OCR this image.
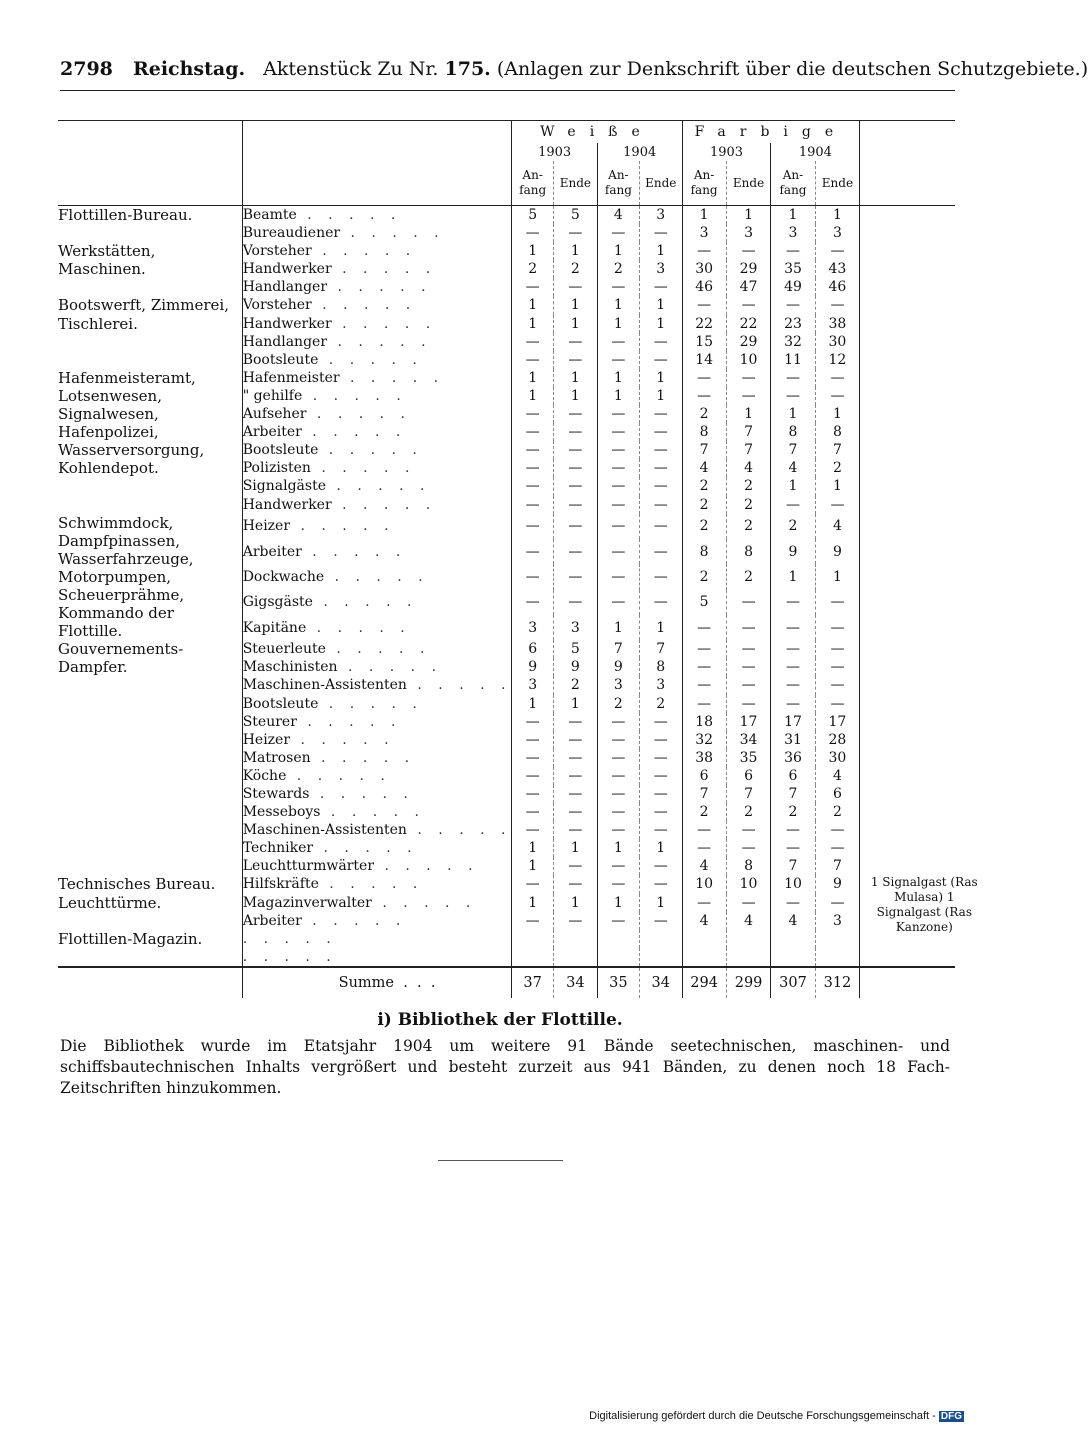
2798 Reichstag. Aktenstück Zu Nr. 175. (Anlagen zur Denkschrift über die deutschen Schutzgebiete.)
		Weiße				Farbige				
		1903		1904		1903		1904		
		An-fang	Ende	An-fang	Ende	An-fang	Ende	An-fang	Ende	
Flottillen-Bureau.	Beamte . . . . .	5	5	4	3	1	1	1	1	
	Bureaudiener . . . . .	—	—	—	—	3	3	3	3	
Werkstätten, Maschinen.	Vorsteher . . . . .	1	1	1	1	—	—	—	—	
	Handwerker . . . . .	2	2	2	3	30	29	35	43	
	Handlanger . . . . .	—	—	—	—	46	47	49	46	
Bootswerft, Zimmerei, Tischlerei.	Vorsteher . . . . .	1	1	1	1	—	—	—	—	
	Handwerker . . . . .	1	1	1	1	22	22	23	38	
	Handlanger . . . . .	—	—	—	—	15	29	32	30	
	Bootsleute . . . . .	—	—	—	—	14	10	11	12	
Hafenmeisteramt, Lotsenwesen, Signalwesen, Hafenpolizei, Wasserversorgung, Kohlendepot.	Hafenmeister . . . . .	1	1	1	1	—	—	—	—	
	" gehilfe . . . . .	1	1	1	1	—	—	—	—	
	Aufseher . . . . .	—	—	—	—	2	1	1	1	
	Arbeiter . . . . .	—	—	—	—	8	7	8	8	
	Bootsleute . . . . .	—	—	—	—	7	7	7	7	
	Polizisten . . . . .	—	—	—	—	4	4	4	2	
	Signalgäste . . . . .	—	—	—	—	2	2	1	1	
	Handwerker . . . . .	—	—	—	—	2	2	—	—	
Schwimmdock, Dampfpinassen, Wasserfahrzeuge, Motorpumpen, Scheuerprähme, Kommando der Flottille.	Heizer . . . . .	—	—	—	—	2	2	2	4	
	Arbeiter . . . . .	—	—	—	—	8	8	9	9	
	Dockwache . . . . .	—	—	—	—	2	2	1	1	
	Gigsgäste . . . . .	—	—	—	—	5	—	—	—	
	Kapitäne . . . . .	3	3	1	1	—	—	—	—	
Gouvernements-Dampfer.	Steuerleute . . . . .	6	5	7	7	—	—	—	—	
	Maschinisten . . . . .	9	9	9	8	—	—	—	—	
	Maschinen-Assistenten . . . . .	3	2	3	3	—	—	—	—	
	Bootsleute . . . . .	1	1	2	2	—	—	—	—	
	Steurer . . . . .	—	—	—	—	18	17	17	17	
	Heizer . . . . .	—	—	—	—	32	34	31	28	
	Matrosen . . . . .	—	—	—	—	38	35	36	30	
	Köche . . . . .	—	—	—	—	6	6	6	4	
	Stewards . . . . .	—	—	—	—	7	7	7	6	
	Messeboys . . . . .	—	—	—	—	2	2	2	2	
	Maschinen-Assistenten . . . . .	—	—	—	—	—	—	—	—	
	Techniker . . . . .	1	1	1	1	—	—	—	—	
	Leuchtturmwärter . . . . .	1	—	—	—	4	8	7	7	
Technisches Bureau.	Hilfskräfte . . . . .	—	—	—	—	10	10	10	9	1 Signalgast (Ras Mulasa) 1 Signalgast (Ras Kanzone)

Leuchttürme.	Magazinverwalter . . . . .	1	1	1	1	—	—	—	—	
	Arbeiter . . . . .	—	—	—	—	4	4	4	3	
Flottillen-Magazin.	. . . . .									
	. . . . .									
	Summe  .  .  .	37	34	35	34	294	299	307	312	
i) Bibliothek der Flottille.
Die Bibliothek wurde im Etatsjahr 1904 um weitere 91 Bände seetechnischen, maschinen- und schiffsbautechnischen Inhalts vergrößert und besteht zurzeit aus 941 Bänden, zu denen noch 18 Fach-Zeitschriften hinzukommen.
Digitalisierung gefördert durch die Deutsche Forschungsgemeinschaft - DFG
